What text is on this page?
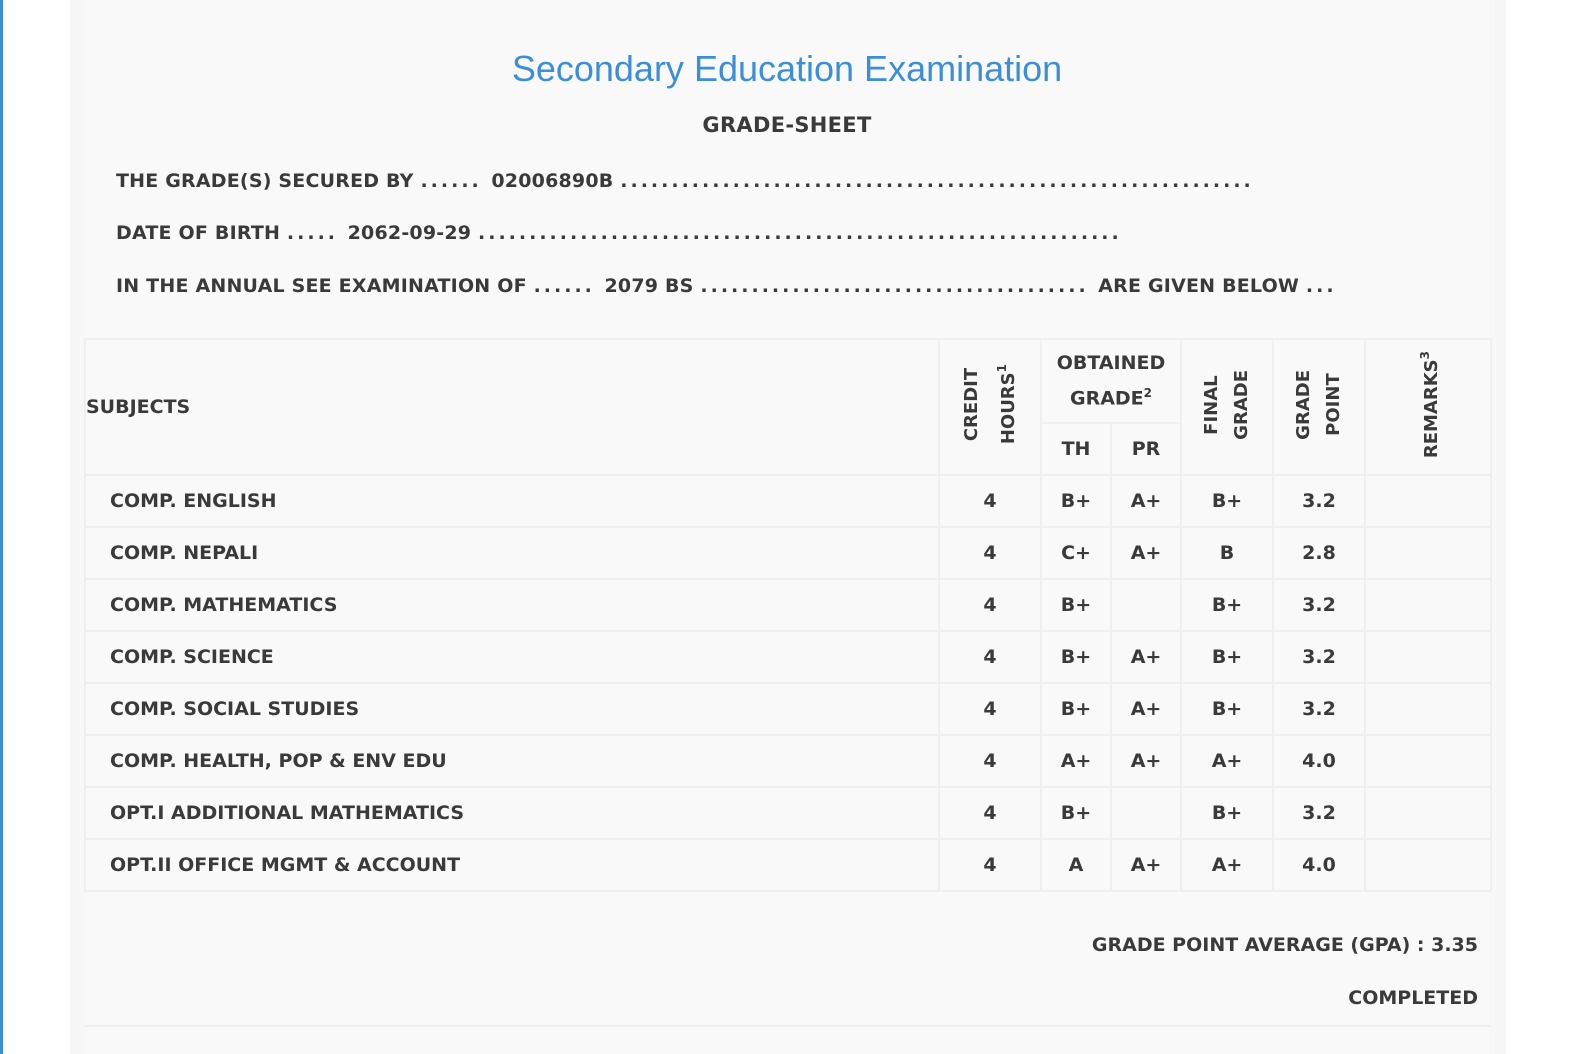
Secondary Education Examination
GRADE-SHEET
THE GRADE(S) SECURED BY ...... 02006890B ..............................................................
DATE OF BIRTH ..... 2062-09-29 ...............................................................
IN THE ANNUAL SEE EXAMINATION OF ...... 2079 BS ...................................... ARE GIVEN BELOW ...
SUBJECTS	CREDIT HOURS$^1$	OBTAINED
GRADE$^2$		FINAL GRADE	GRADE POINT	REMARKS$^3$
		TH	PR			
COMP. ENGLISH	4	B+	A+	B+	3.2	
COMP. NEPALI	4	C+	A+	B	2.8	
COMP. MATHEMATICS	4	B+		B+	3.2	
COMP. SCIENCE	4	B+	A+	B+	3.2	
COMP. SOCIAL STUDIES	4	B+	A+	B+	3.2	
COMP. HEALTH, POP & ENV EDU	4	A+	A+	A+	4.0	
OPT.I ADDITIONAL MATHEMATICS	4	B+		B+	3.2	
OPT.II OFFICE MGMT & ACCOUNT	4	A	A+	A+	4.0	
GRADE POINT AVERAGE (GPA) : 3.35
COMPLETED
